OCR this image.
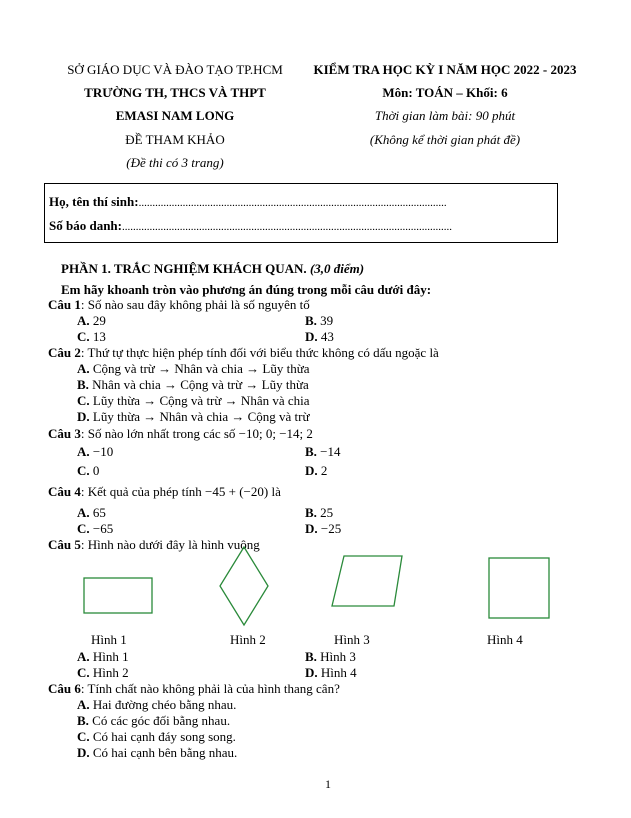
SỞ GIÁO DỤC VÀ ĐÀO TẠO TP.HCM
TRƯỜNG TH, THCS VÀ THPT
EMASI NAM LONG
ĐỀ THAM KHẢO
(Đề thi có 3 trang)
KIỂM TRA HỌC KỲ I NĂM HỌC 2022 - 2023
Môn: TOÁN – Khối: 6
Thời gian làm bài: 90 phút
(Không kể thời gian phát đề)
Họ, tên thí sinh:................................................................................................................
Số báo danh:........................................................................................................................
PHẦN 1. TRẮC NGHIỆM KHÁCH QUAN. (3,0 điểm)
Em hãy khoanh tròn vào phương án đúng trong mỗi câu dưới đây:
Câu 1: Số nào sau đây không phải là số nguyên tố
A. 29	B. 39
C. 13	D. 43
Câu 2: Thứ tự thực hiện phép tính đối với biểu thức không có dấu ngoặc là
A. Cộng và trừ → Nhân và chia → Lũy thừa
B. Nhân và chia → Cộng và trừ → Lũy thừa
C. Lũy thừa → Cộng và trừ → Nhân và chia
D. Lũy thừa → Nhân và chia → Cộng và trừ
Câu 3: Số nào lớn nhất trong các số −10; 0; −14; 2
A. −10	B. −14
C. 0	D. 2
Câu 4: Kết quả của phép tính −45 + (−20) là
A. 65	B. 25
C. −65	D. −25
Câu 5: Hình nào dưới đây là hình vuông
Hình 1	Hình 2	Hình 3	Hình 4
A. Hình 1	B. Hình 3
C. Hình 2	D. Hình 4
Câu 6: Tính chất nào không phải là của hình thang cân?
A. Hai đường chéo bằng nhau.
B. Có các góc đối bằng nhau.
C. Có hai cạnh đáy song song.
D. Có hai cạnh bên bằng nhau.
1
